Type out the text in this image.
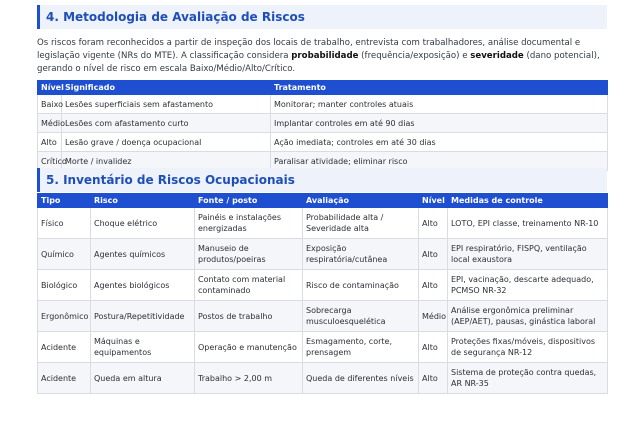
4. Metodologia de Avaliação de Riscos
Os riscos foram reconhecidos a partir de inspeção dos locais de trabalho, entrevista com trabalhadores, análise documental e legislação vigente (NRs do MTE). A classificação considera probabilidade (frequência/exposição) e severidade (dano potencial), gerando o nível de risco em escala Baixo/Médio/Alto/Crítico.
Nível	Significado	Tratamento
Baixo	Lesões superficiais sem afastamento	Monitorar; manter controles atuais
Médio	Lesões com afastamento curto	Implantar controles em até 90 dias
Alto	Lesão grave / doença ocupacional	Ação imediata; controles em até 30 dias
Crítico	Morte / invalidez	Paralisar atividade; eliminar risco
5. Inventário de Riscos Ocupacionais
Tipo	Risco	Fonte / posto	Avaliação	Nível	Medidas de controle
Físico	Choque elétrico	Painéis e instalações energizadas	Probabilidade alta / Severidade alta	Alto	LOTO, EPI classe, treinamento NR-10
Químico	Agentes químicos	Manuseio de produtos/poeiras	Exposição respiratória/cutânea	Alto	EPI respiratório, FISPQ, ventilação local exaustora
Biológico	Agentes biológicos	Contato com material contaminado	Risco de contaminação	Alto	EPI, vacinação, descarte adequado, PCMSO NR-32
Ergonômico	Postura/Repetitividade	Postos de trabalho	Sobrecarga musculoesquelética	Médio	Análise ergonômica preliminar (AEP/AET), pausas, ginástica laboral
Acidente	Máquinas e equipamentos	Operação e manutenção	Esmagamento, corte, prensagem	Alto	Proteções fixas/móveis, dispositivos de segurança NR-12
Acidente	Queda em altura	Trabalho > 2,00 m	Queda de diferentes níveis	Alto	Sistema de proteção contra quedas, AR NR-35
